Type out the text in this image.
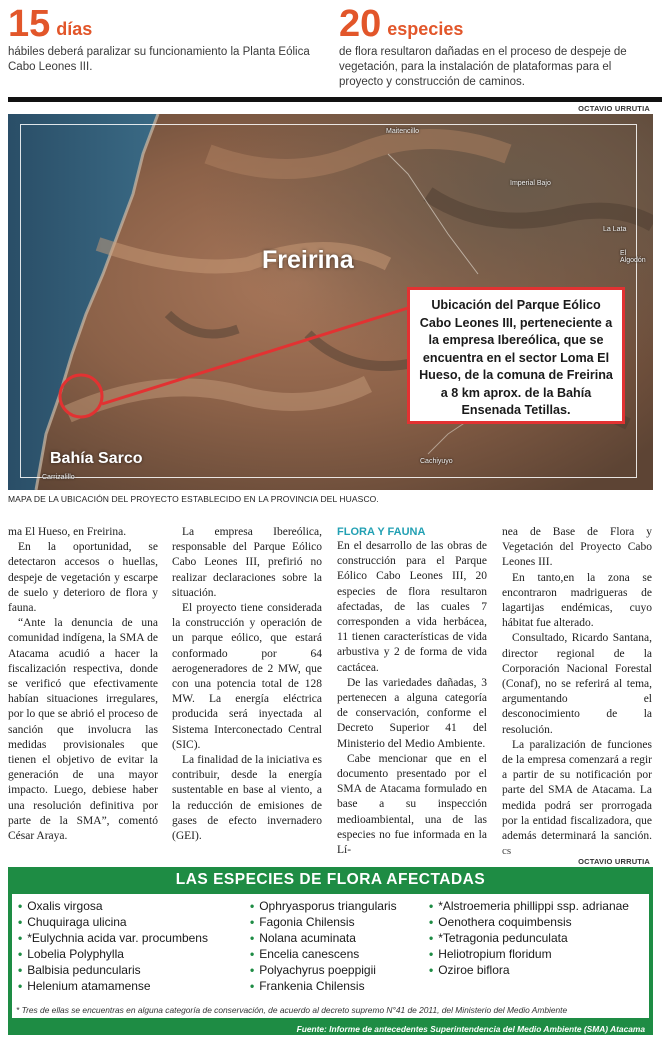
15 días
hábiles deberá paralizar su funcionamiento la Planta Eólica Cabo Leones III.
20 especies
de flora resultaron dañadas en el proceso de despeje de vegetación, para la instalación de plataformas para el proyecto y construcción de caminos.
OCTAVIO URRUTIA
Maitencillo
Imperial Bajo
El Algodón
La Lata
Cachiyuyo
Carrizalillo
Freirina
Bahía Sarco
Ubicación del Parque Eólico Cabo Leones III, perteneciente a la empresa Ibereólica, que se encuentra en el sector Loma El Hueso, de la comuna de Freirina a 8 km aprox. de la Bahía Ensenada Tetillas.
MAPA DE LA UBICACIÓN DEL PROYECTO ESTABLECIDO EN LA PROVINCIA DEL HUASCO.

ma El Hueso, en Freirina.

En la oportunidad, se detectaron accesos o huellas, despeje de vegetación y escarpe de suelo y deterioro de flora y fauna.

“Ante la denuncia de una comunidad indígena, la SMA de Atacama acudió a hacer la fiscalización respectiva, donde se verificó que efectivamente habían situaciones irregulares, por lo que se abrió el proceso de sanción que involucra las medidas provisionales que tienen el objetivo de evitar la generación de una mayor impacto. Luego, debiese haber una resolución definitiva por parte de la SMA”, comentó César Araya.

La empresa Ibereólica, responsable del Parque Eólico Cabo Leones III, prefirió no realizar declaraciones sobre la situación.

El proyecto tiene considerada la construcción y operación de un parque eólico, que estará conformado por 64 aerogeneradores de 2 MW, que con una potencia total de 128 MW. La energía eléctrica producida será inyectada al Sistema Interconectado Central (SIC).

La finalidad de la iniciativa es contribuir, desde la energía sustentable en base al viento, a la reducción de emisiones de gases de efecto invernadero (GEI).

FLORA Y FAUNA

En el desarrollo de las obras de construcción para el Parque Eólico Cabo Leones III, 20 especies de flora resultaron afectadas, de las cuales 7 corresponden a vida herbácea, 11 tienen características de vida arbustiva y 2 de forma de vida cactácea.

De las variedades dañadas, 3 pertenecen a alguna categoría de conservación, conforme el Decreto Superior 41 del Ministerio del Medio Ambiente.

Cabe mencionar que en el documento presentado por el SMA de Atacama formulado en base a su inspección medioambiental, una de las especies no fue informada en la Lí-

nea de Base de Flora y Vegetación del Proyecto Cabo Leones III.

En tanto,en la zona se encontraron madrigueras de lagartijas endémicas, cuyo hábitat fue alterado.

Consultado, Ricardo Santana, director regional de la Corporación Nacional Forestal (Conaf), no se referirá al tema, argumentando el desconocimiento de la resolución.

La paralización de funciones de la empresa comenzará a regir a partir de su notificación por parte del SMA de Atacama. La medida podrá ser prorrogada por la entidad fiscalizadora, que además determinará la sanción. cs

OCTAVIO URRUTIA
LAS ESPECIES DE FLORA AFECTADAS
• Oxalis virgosa
• Chuquiraga ulicina
• *Eulychnia acida var. procumbens
• Lobelia Polyphylla
• Balbisia peduncularis
• Helenium atamamense
• Ophryasporus triangularis
• Fagonia Chilensis
• Nolana acuminata
• Encelia canescens
• Polyachyrus poeppigii
• Frankenia Chilensis
• *Alstroemeria phillippi ssp. adrianae
• Oenothera coquimbensis
• *Tetragonia pedunculata
• Heliotropium floridum
• Oziroe biflora
* Tres de ellas se encuentras en alguna categoría de conservación, de acuerdo al decreto supremo N°41 de 2011, del Ministerio del Medio Ambiente
Fuente: Informe de antecedentes Superintendencia del Medio Ambiente (SMA) Atacama
